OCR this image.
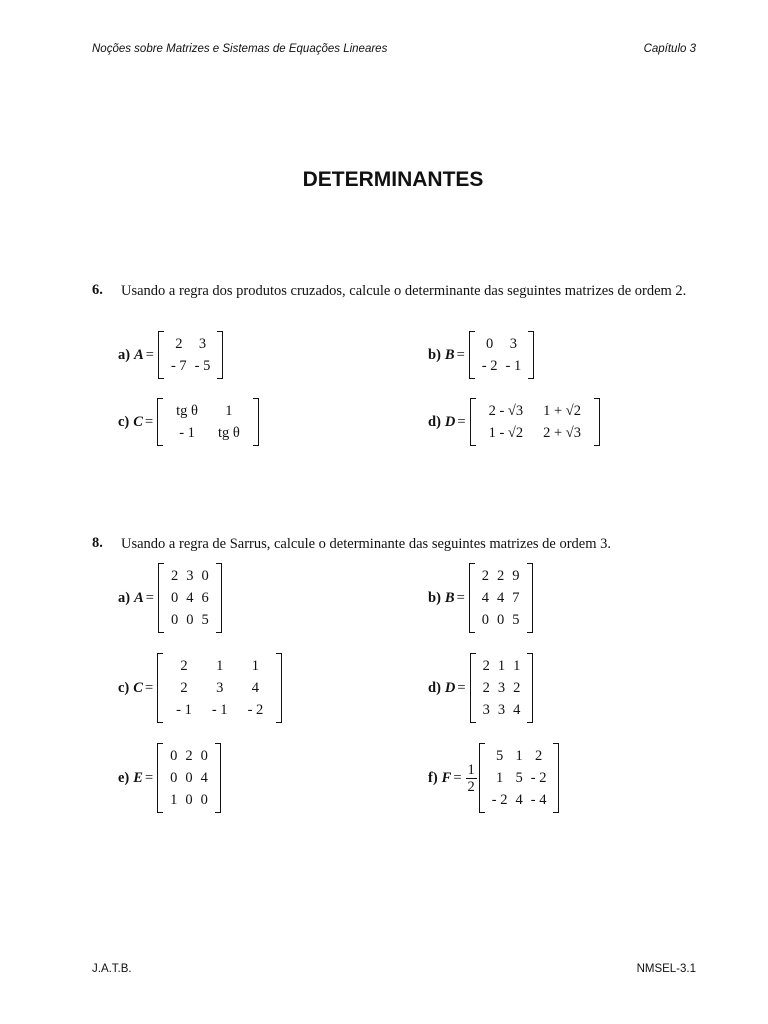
Noções sobre Matrizes e Sistemas de Equações Lineares	Capítulo 3
DETERMINANTES
6. Usando a regra dos produtos cruzados, calcule o determinante das seguintes matrizes de ordem 2.
a) A =
2	3
- 7	- 5
b) B =
0	3
- 2	- 1
c) C =
tg θ	1
- 1	tg θ
d) D =
2 - √3	1 + √2
1 - √2	2 + √3
8. Usando a regra de Sarrus, calcule o determinante das seguintes matrizes de ordem 3.
a) A =
2	3	0
0	4	6
0	0	5
b) B =
2	2	9
4	4	7
0	0	5
c) C =
2	1	1
2	3	4
- 1	- 1	- 2
d) D =
2	1	1
2	3	2
3	3	4
e) E =
0	2	0
0	0	4
1	0	0
f) $F = \frac{1}{2}$
5	1	2
1	5	- 2
- 2	4	- 4
J.A.T.B.	NMSEL-3.1
